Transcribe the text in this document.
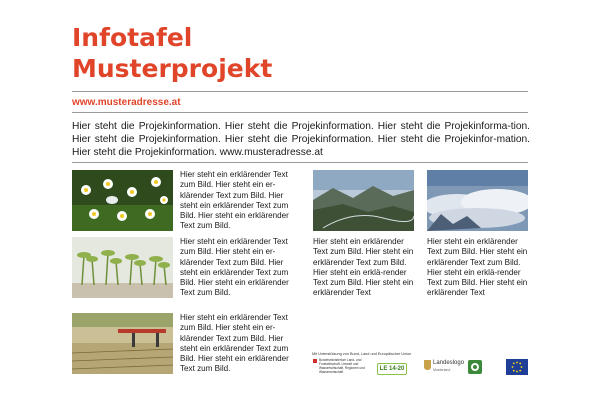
Infotafel
Musterprojekt
www.musteradresse.at
Hier steht die Projekinformation. Hier steht die Projekinformation. Hier steht die Projekinforma-tion. Hier steht die Projekinformation. Hier steht die Projekinformation. Hier steht die Projekinfor-mation. Hier steht die Projekinformation. www.musteradresse.at
Hier steht ein erklärender Text zum Bild. Hier steht ein er-klärender Text zum Bild. Hier steht ein erklärender Text zum Bild. Hier steht ein erklärender Text zum Bild.
Hier steht ein erklärender Text zum Bild. Hier steht ein er-klärender Text zum Bild. Hier steht ein erklärender Text zum Bild. Hier steht ein erklärender Text zum Bild.
Hier steht ein erklärender Text zum Bild. Hier steht ein erklärender Text zum Bild. Hier steht ein erklä-render Text zum Bild. Hier steht ein erklärender Text
Hier steht ein erklärender Text zum Bild. Hier steht ein erklärender Text zum Bild. Hier steht ein erklä-render Text zum Bild. Hier steht ein erklärender Text
Hier steht ein erklärender Text zum Bild. Hier steht ein er-klärender Text zum Bild. Hier steht ein erklärender Text zum Bild. Hier steht ein erklärender Text zum Bild.
Mit Unterstützung von Bund, Land und Europäischer Union
Bundesministerium Land- und Forstwirtschaft, Umwelt und Wasserwirtschaft, Regionen und Wasserwirtschaft	LE 14-20
Landeslogo
Musterland
